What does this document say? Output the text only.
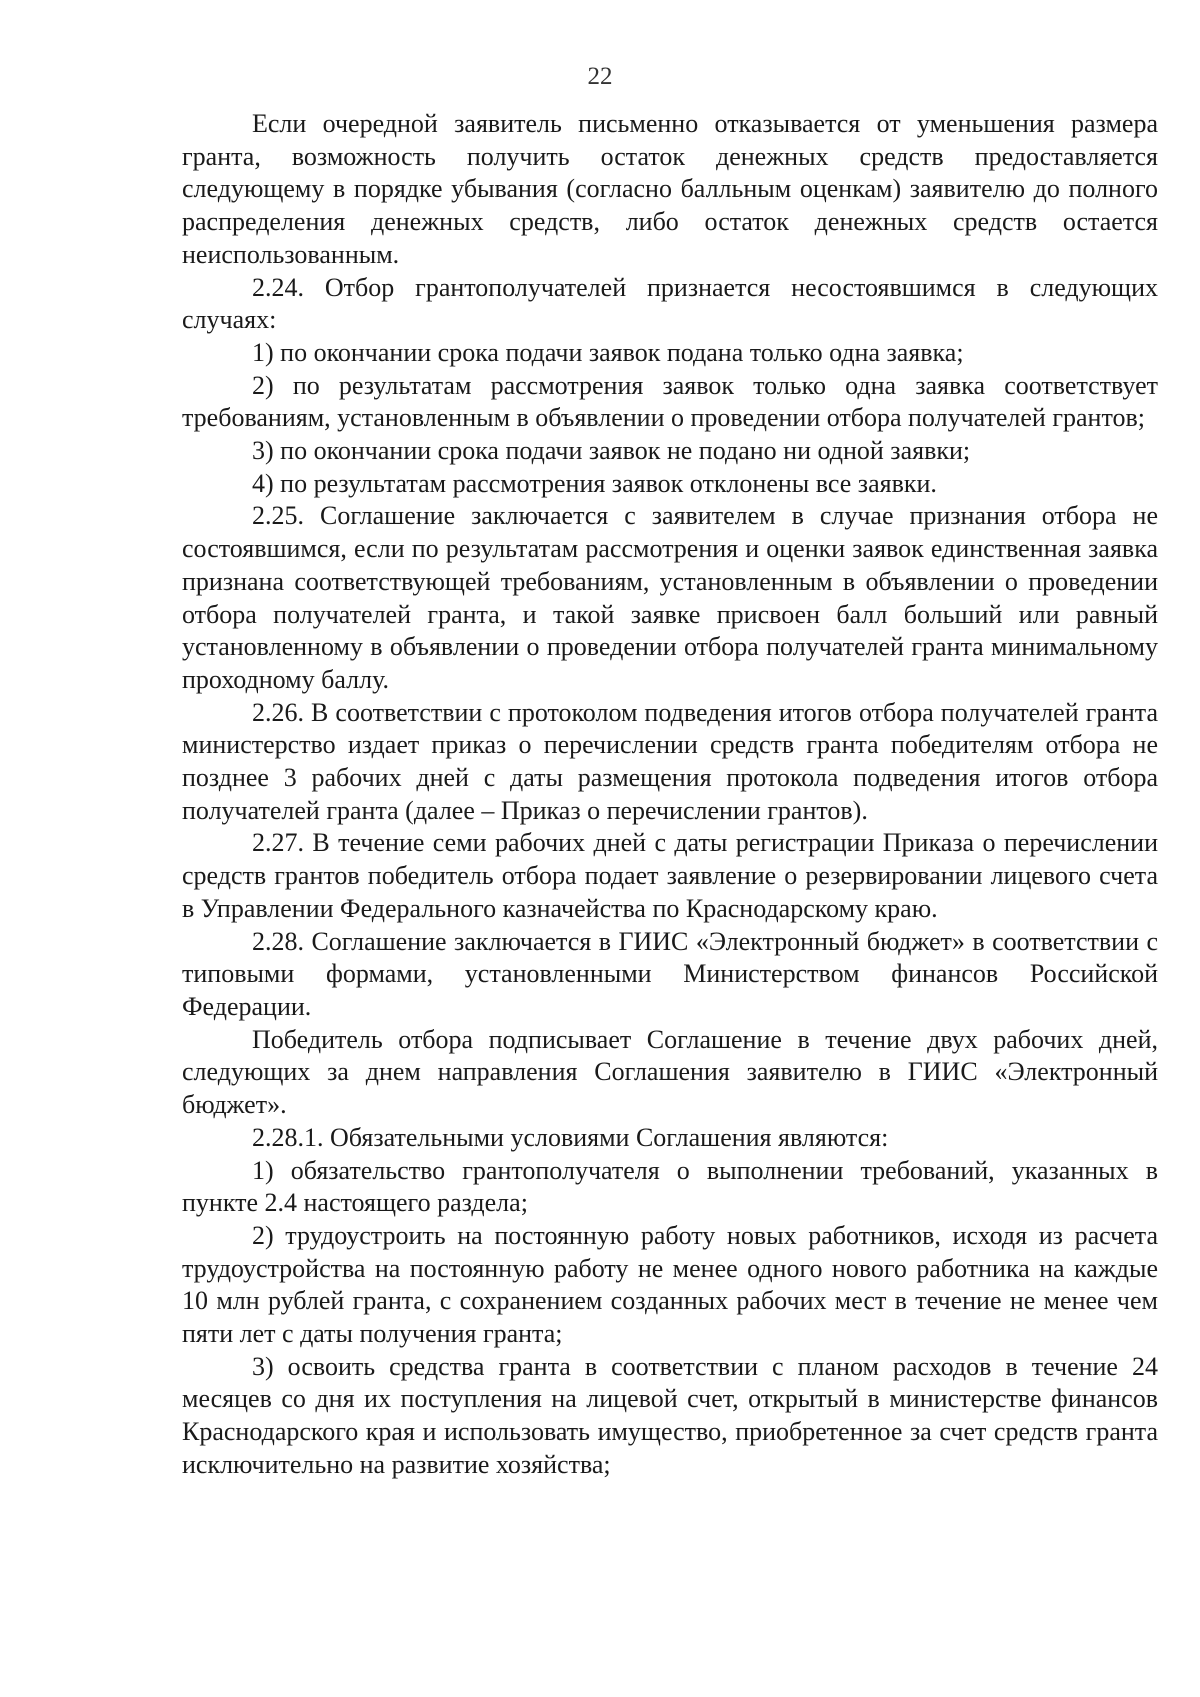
22

Если очередной заявитель письменно отказывается от уменьшения размера гранта, возможность получить остаток денежных средств предоставляется следующему в порядке убывания (согласно балльным оценкам) заявителю до полного распределения денежных средств, либо остаток денежных средств остается неиспользованным.

2.24. Отбор грантополучателей признается несостоявшимся в следующих случаях:

1) по окончании срока подачи заявок подана только одна заявка;

2) по результатам рассмотрения заявок только одна заявка соответствует требованиям, установленным в объявлении о проведении отбора получателей грантов;

3) по окончании срока подачи заявок не подано ни одной заявки;

4) по результатам рассмотрения заявок отклонены все заявки.

2.25. Соглашение заключается с заявителем в случае признания отбора не состоявшимся, если по результатам рассмотрения и оценки заявок единственная заявка признана соответствующей требованиям, установленным в объявлении о проведении отбора получателей гранта, и такой заявке присвоен балл больший или равный установленному в объявлении о проведении отбора получателей гранта минимальному проходному баллу.

2.26. В соответствии с протоколом подведения итогов отбора получателей гранта министерство издает приказ о перечислении средств гранта победителям отбора не позднее 3 рабочих дней с даты размещения протокола подведения итогов отбора получателей гранта (далее – Приказ о перечислении грантов).

2.27. В течение семи рабочих дней с даты регистрации Приказа о перечислении средств грантов победитель отбора подает заявление о резервировании лицевого счета в Управлении Федерального казначейства по Краснодарскому краю.

2.28. Соглашение заключается в ГИИС «Электронный бюджет» в соответствии с типовыми формами, установленными Министерством финансов Российской Федерации.

Победитель отбора подписывает Соглашение в течение двух рабочих дней, следующих за днем направления Соглашения заявителю в ГИИС «Электронный бюджет».

2.28.1. Обязательными условиями Соглашения являются:

1) обязательство грантополучателя о выполнении требований, указанных в пункте 2.4 настоящего раздела;

2) трудоустроить на постоянную работу новых работников, исходя из расчета трудоустройства на постоянную работу не менее одного нового работника на каждые 10 млн рублей гранта, с сохранением созданных рабочих мест в течение не менее чем пяти лет с даты получения гранта;

3) освоить средства гранта в соответствии с планом расходов в течение 24 месяцев со дня их поступления на лицевой счет, открытый в министерстве финансов Краснодарского края и использовать имущество, приобретенное за счет средств гранта исключительно на развитие хозяйства;
